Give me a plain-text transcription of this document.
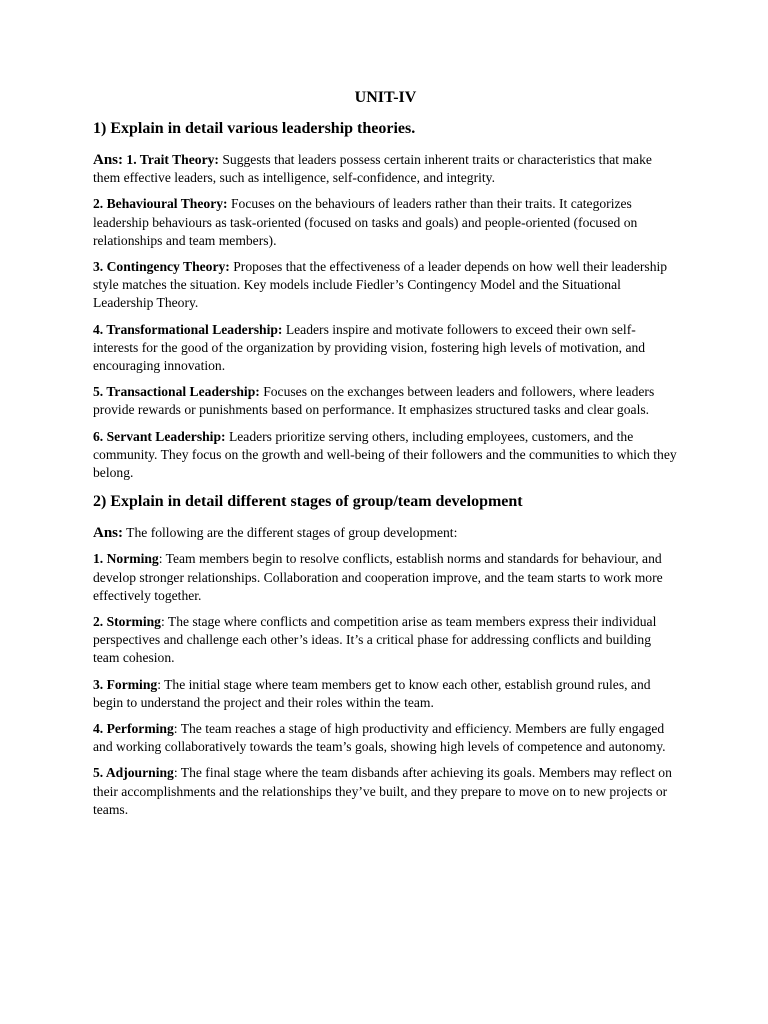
UNIT-IV
1) Explain in detail various leadership theories.

Ans: 1. Trait Theory: Suggests that leaders possess certain inherent traits or characteristics that make them effective leaders, such as intelligence, self-confidence, and integrity.

2. Behavioural Theory: Focuses on the behaviours of leaders rather than their traits. It categorizes leadership behaviours as task-oriented (focused on tasks and goals) and people-oriented (focused on relationships and team members).

3. Contingency Theory: Proposes that the effectiveness of a leader depends on how well their leadership style matches the situation. Key models include Fiedler’s Contingency Model and the Situational Leadership Theory.

4. Transformational Leadership: Leaders inspire and motivate followers to exceed their own self-interests for the good of the organization by providing vision, fostering high levels of motivation, and encouraging innovation.

5. Transactional Leadership: Focuses on the exchanges between leaders and followers, where leaders provide rewards or punishments based on performance. It emphasizes structured tasks and clear goals.

6. Servant Leadership: Leaders prioritize serving others, including employees, customers, and the community. They focus on the growth and well-being of their followers and the communities to which they belong.

2) Explain in detail different stages of group/team development

Ans: The following are the different stages of group development:

1. Norming: Team members begin to resolve conflicts, establish norms and standards for behaviour, and develop stronger relationships. Collaboration and cooperation improve, and the team starts to work more effectively together.

2. Storming: The stage where conflicts and competition arise as team members express their individual perspectives and challenge each other’s ideas. It’s a critical phase for addressing conflicts and building team cohesion.

3. Forming: The initial stage where team members get to know each other, establish ground rules, and begin to understand the project and their roles within the team.

4. Performing: The team reaches a stage of high productivity and efficiency. Members are fully engaged and working collaboratively towards the team’s goals, showing high levels of competence and autonomy.

5. Adjourning: The final stage where the team disbands after achieving its goals. Members may reflect on their accomplishments and the relationships they’ve built, and they prepare to move on to new projects or teams.
